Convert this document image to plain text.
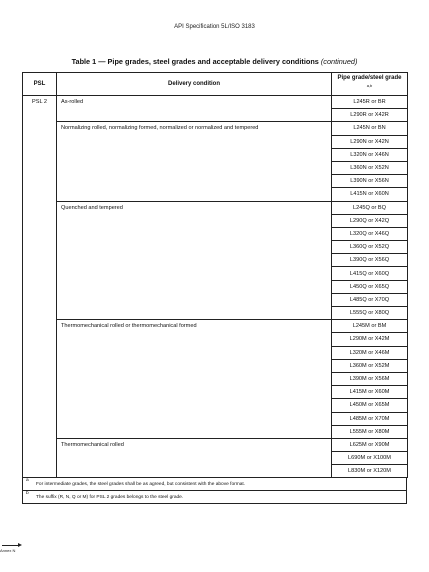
API Specification 5L/ISO 3183
Table 1 — Pipe grades, steel grades and acceptable delivery conditions (continued)
PSL	Delivery condition	Pipe grade/steel grade $^{a,b}$
PSL 2	As-rolled	L245R or BR
		L290R or X42R
	Normalizing rolled, normalizing formed, normalized or normalized and tempered	L245N or BN
		L290N or X42N
		L320N or X46N
		L360N or X52N
		L390N or X56N
		L415N or X60N
	Quenched and tempered	L245Q or BQ
		L290Q or X42Q
		L320Q or X46Q
		L360Q or X52Q
		L390Q or X56Q
		L415Q or X60Q
		L450Q or X65Q
		L485Q or X70Q
		L555Q or X80Q
	Thermomechanical rolled or thermomechanical formed	L245M or BM
		L290M or X42M
		L320M or X46M
		L360M or X52M
		L390M or X56M
		L415M or X60M
		L450M or X65M
		L485M or X70M
		L555M or X80M
	Thermomechanical rolled	L625M or X90M
		L690M or X100M
		L830M or X120M
a	For intermediate grades, the steel grades shall be as agreed, but consistent with the above format.
b	The suffix (R, N, Q or M) for PSL 2 grades belongs to the steel grade.
Annex N
